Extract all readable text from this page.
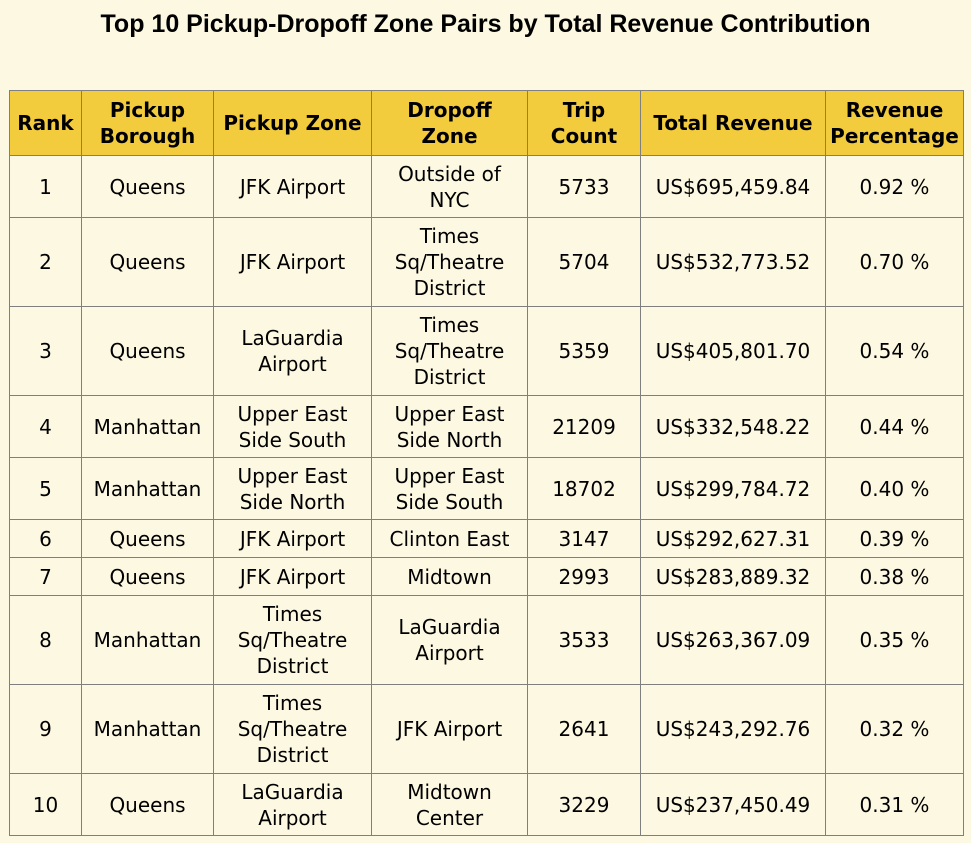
Top 10 Pickup-Dropoff Zone Pairs by Total Revenue Contribution
Rank	Pickup Borough	Pickup Zone	Dropoff Zone	Trip Count	Total Revenue	Revenue Percentage
1	Queens	JFK Airport	Outside of NYC	5733	US$695,459.84	0.92 %
2	Queens	JFK Airport	Times Sq/Theatre District	5704	US$532,773.52	0.70 %
3	Queens	LaGuardia Airport	Times Sq/Theatre District	5359	US$405,801.70	0.54 %
4	Manhattan	Upper East Side South	Upper East Side North	21209	US$332,548.22	0.44 %
5	Manhattan	Upper East Side North	Upper East Side South	18702	US$299,784.72	0.40 %
6	Queens	JFK Airport	Clinton East	3147	US$292,627.31	0.39 %
7	Queens	JFK Airport	Midtown	2993	US$283,889.32	0.38 %
8	Manhattan	Times Sq/Theatre District	LaGuardia Airport	3533	US$263,367.09	0.35 %
9	Manhattan	Times Sq/Theatre District	JFK Airport	2641	US$243,292.76	0.32 %
10	Queens	LaGuardia Airport	Midtown Center	3229	US$237,450.49	0.31 %
